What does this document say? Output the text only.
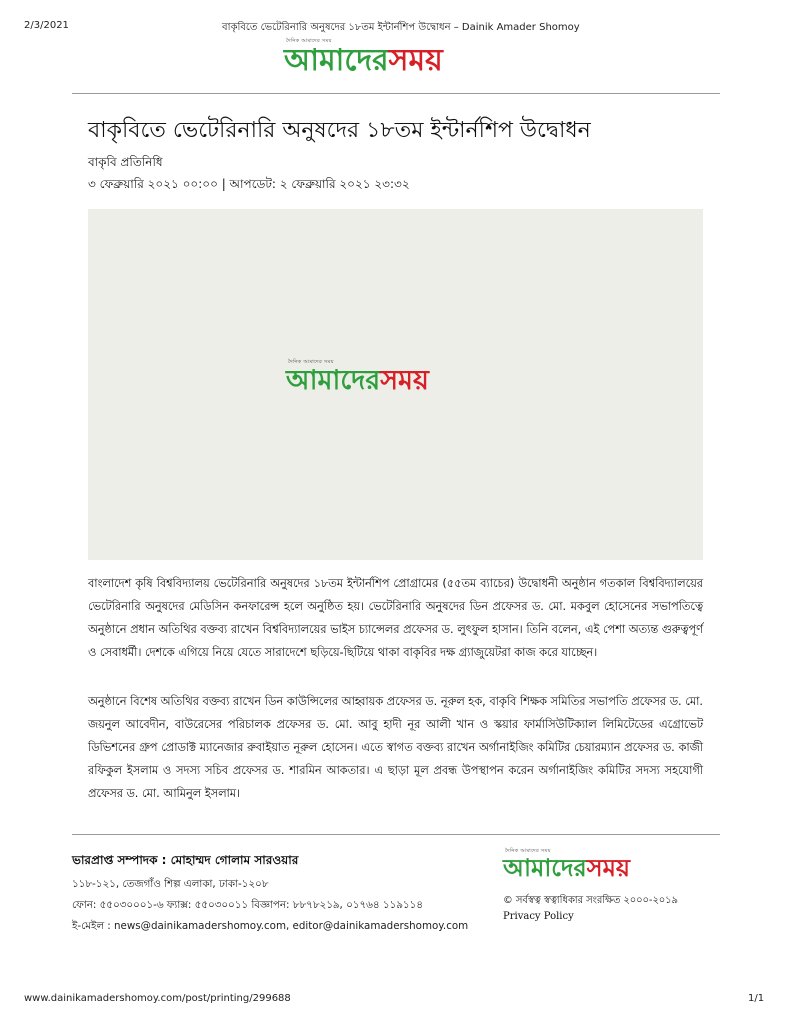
2/3/2021	বাকৃবিতে ভেটেরিনারি অনুষদের ১৮তম ইন্টার্নশিপ উদ্বোধন – Dainik Amader Shomoy
দৈনিক আমাদের সময়
আমাদেরসময়
বাকৃবিতে ভেটেরিনারি অনুষদের ১৮তম ইন্টার্নশিপ উদ্বোধন
বাকৃবি প্রতিনিধি
৩ ফেব্রুয়ারি ২০২১ ০০:০০ | আপডেট: ২ ফেব্রুয়ারি ২০২১ ২৩:৩২
দৈনিক আমাদের সময়
আমাদেরসময়

বাংলাদেশ কৃষি বিশ্ববিদ্যালয় ভেটেরিনারি অনুষদের ১৮তম ইন্টার্নশিপ প্রোগ্রামের (৫৫তম ব্যাচের) উদ্বোধনী অনুষ্ঠান গতকাল বিশ্ববিদ্যালয়ের ভেটেরিনারি অনুষদের মেডিসিন কনফারেন্স হলে অনুষ্ঠিত হয়। ভেটেরিনারি অনুষদের ডিন প্রফেসর ড. মো. মকবুল হোসেনের সভাপতিত্বে অনুষ্ঠানে প্রধান অতিথির বক্তব্য রাখেন বিশ্ববিদ্যালয়ের ভাইস চ্যান্সেলর প্রফেসর ড. লুৎফুল হাসান। তিনি বলেন, এই পেশা অত্যন্ত গুরুত্বপূর্ণ ও সেবাধর্মী। দেশকে এগিয়ে নিয়ে যেতে সারাদেশে ছড়িয়ে-ছিটিয়ে থাকা বাকৃবির দক্ষ গ্র্যাজুয়েটরা কাজ করে যাচ্ছেন।

অনুষ্ঠানে বিশেষ অতিথির বক্তব্য রাখেন ডিন কাউন্সিলের আহ্বায়ক প্রফেসর ড. নূরুল হক, বাকৃবি শিক্ষক সমিতির সভাপতি প্রফেসর ড. মো. জয়নুল আবেদীন, বাউরেসের পরিচালক প্রফেসর ড. মো. আবু হাদী নূর আলী খান ও স্কয়ার ফার্মাসিউটিক্যাল লিমিটেডের এগ্রোভেট ডিভিশনের গ্রুপ প্রোডাক্ট ম্যানেজার রুবাইয়াত নূরুল হোসেন। এতে স্বাগত বক্তব্য রাখেন অর্গানাইজিং কমিটির চেয়ারম্যান প্রফেসর ড. কাজী রফিকুল ইসলাম ও সদস্য সচিব প্রফেসর ড. শারমিন আকতার। এ ছাড়া মূল প্রবন্ধ উপস্থাপন করেন অর্গানাইজিং কমিটির সদস্য সহযোগী প্রফেসর ড. মো. আমিনুল ইসলাম।

ভারপ্রাপ্ত সম্পাদক : মোহাম্মদ গোলাম সারওয়ার
১১৮-১২১, তেজগাঁও শিল্প এলাকা, ঢাকা-১২০৮
ফোন: ৫৫০৩০০০১-৬ ফ্যাক্স: ৫৫০৩০০১১ বিজ্ঞাপন: ৮৮৭৮২১৯, ০১৭৬৪ ১১৯১১৪
ই-মেইল : news@dainikamadershomoy.com, editor@dainikamadershomoy.com
দৈনিক আমাদের সময়
আমাদেরসময়
© সর্বস্বত্ব স্বত্বাধিকার সংরক্ষিত ২০০০-২০১৯
Privacy Policy
www.dainikamadershomoy.com/post/printing/299688	1/1
